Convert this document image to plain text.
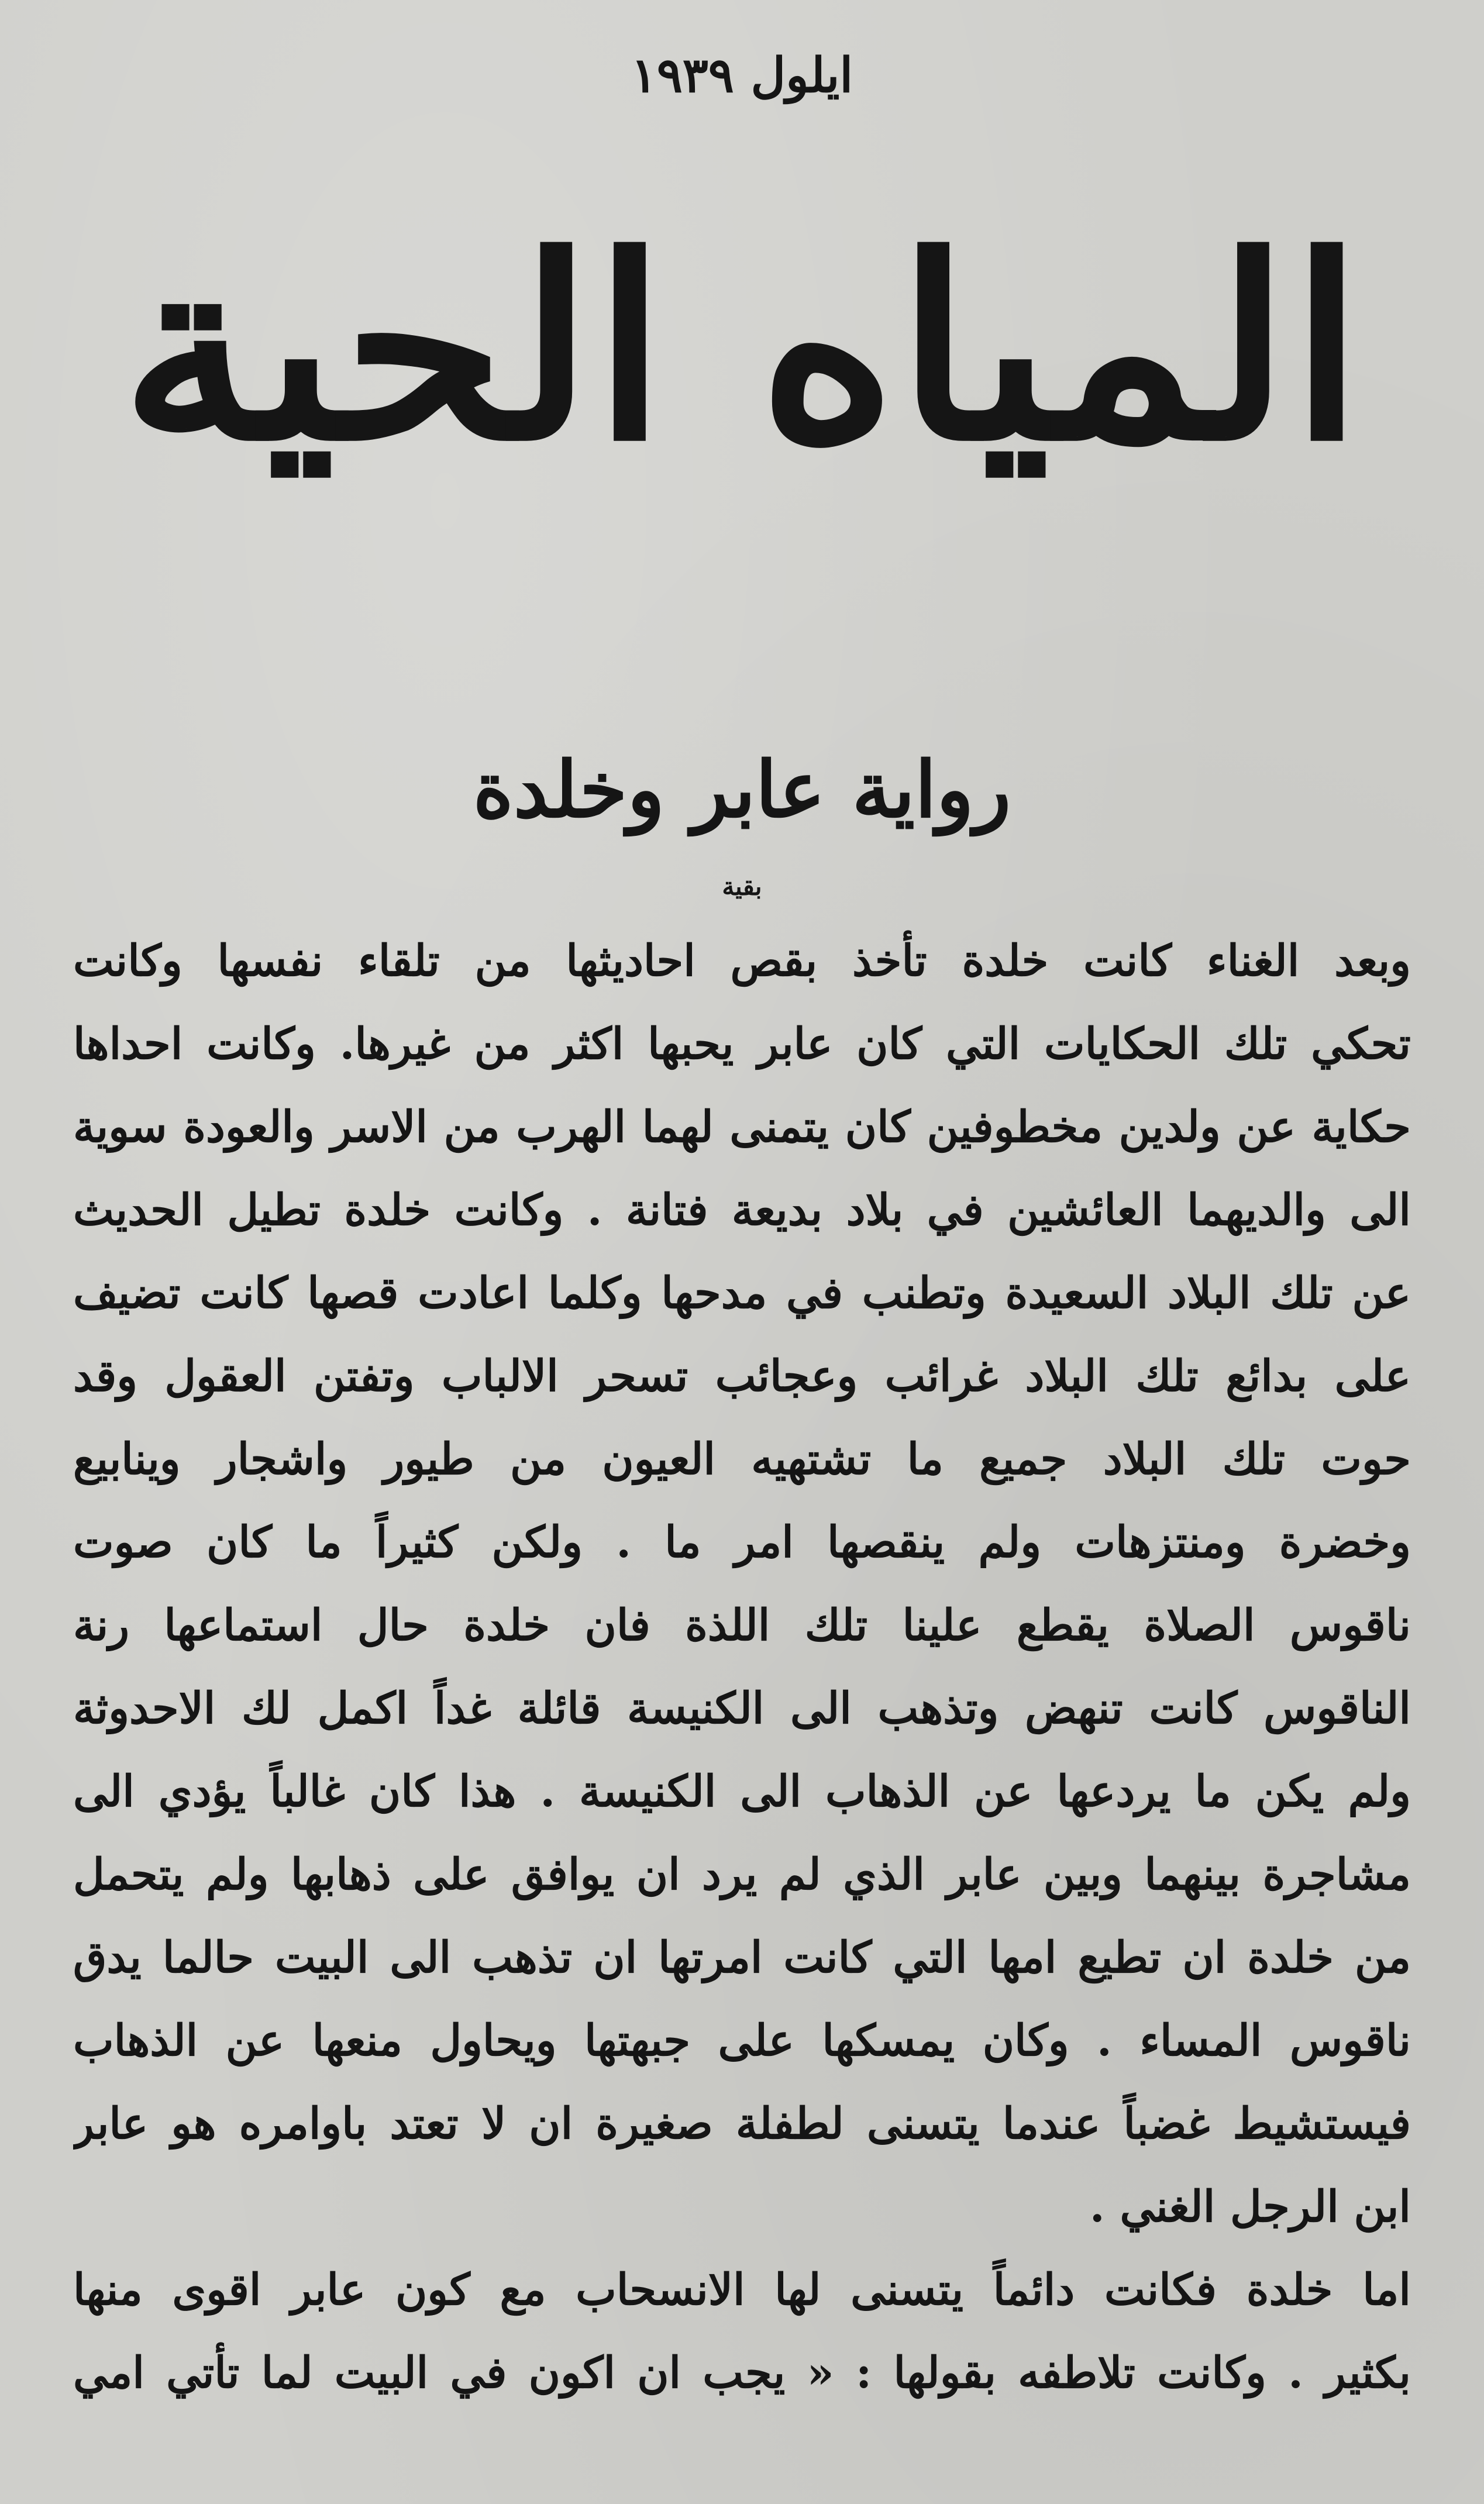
ايلول ١٩٣٩
المياه الحية
رواية عابر وخلدة
بقية
وبعد الغناء كانت خلدة تأخذ بقص احاديثها من تلقاء نفسها وكانت
تحكي تلك الحكايات التي كان عابر يحبها اكثر من غيرها. وكانت احداها
حكاية عن ولدين مخطوفين كان يتمنى لهما الهرب من الاسر والعودة سوية
الى والديهما العائشين في بلاد بديعة فتانة . وكانت خلدة تطيل الحديث
عن تلك البلاد السعيدة وتطنب في مدحها وكلما اعادت قصها كانت تضيف
على بدائع تلك البلاد غرائب وعجائب تسحر الالباب وتفتن العقول وقد
حوت تلك البلاد جميع ما تشتهيه العيون من طيور واشجار وينابيع
وخضرة ومنتزهات ولم ينقصها امر ما . ولكن كثيراً ما كان صوت
ناقوس الصلاة يقطع علينا تلك اللذة فان خلدة حال استماعها رنة
الناقوس كانت تنهض وتذهب الى الكنيسة قائلة غداً اكمل لك الاحدوثة
ولم يكن ما يردعها عن الذهاب الى الكنيسة . هذا كان غالباً يؤدي الى
مشاجرة بينهما وبين عابر الذي لم يرد ان يوافق على ذهابها ولم يتحمل
من خلدة ان تطيع امها التي كانت امرتها ان تذهب الى البيت حالما يدق
ناقوس المساء . وكان يمسكها على جبهتها ويحاول منعها عن الذهاب
فيستشيط غضباً عندما يتسنى لطفلة صغيرة ان لا تعتد باوامره هو عابر
ابن الرجل الغني .
اما خلدة فكانت دائماً يتسنى لها الانسحاب مع كون عابر اقوى منها
بكثير . وكانت تلاطفه بقولها : « يجب ان اكون في البيت لما تأتي امي
